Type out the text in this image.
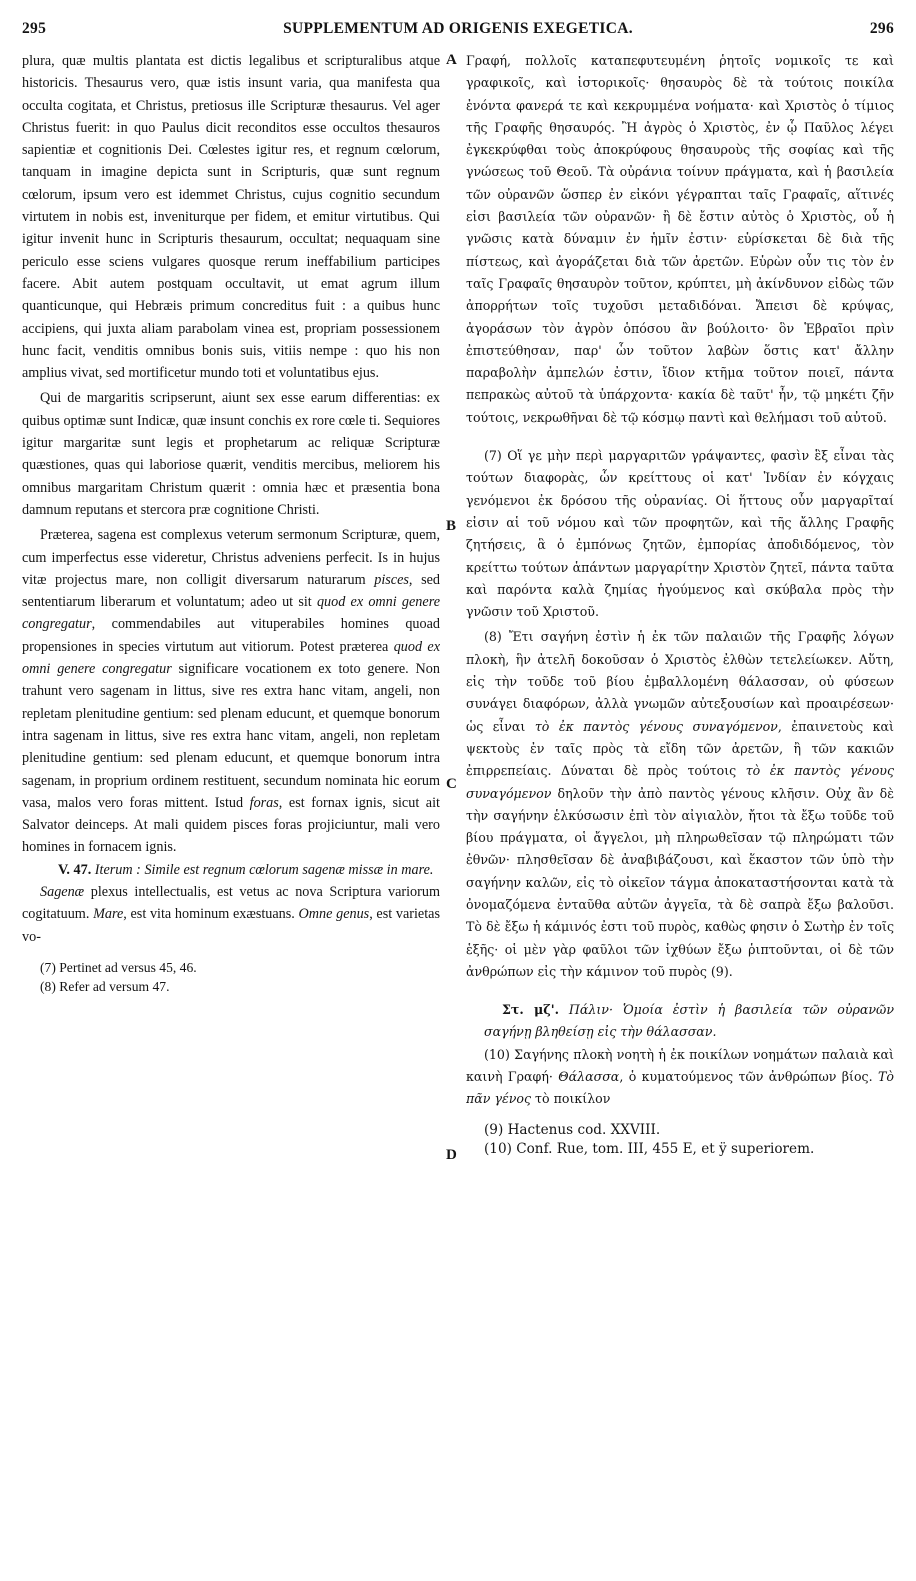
295	SUPPLEMENTUM AD ORIGENIS EXEGETICA.	296
A
B
C
D

plura, quæ multis plantata est dictis legalibus et scripturalibus atque historicis. Thesaurus vero, quæ istis insunt varia, qua manifesta qua occulta cogitata, et Christus, pretiosus ille Scripturæ thesaurus. Vel ager Christus fuerit: in quo Paulus dicit reconditos esse occultos thesauros sapientiæ et cognitionis Dei. Cœlestes igitur res, et regnum cœlorum, tanquam in imagine depicta sunt in Scripturis, quæ sunt regnum cœlorum, ipsum vero est idemmet Christus, cujus cognitio secundum virtutem in nobis est, inveniturque per fidem, et emitur virtutibus. Qui igitur invenit hunc in Scripturis thesaurum, occultat; nequaquam sine periculo esse sciens vulgares quosque rerum ineffabilium participes facere. Abit autem postquam occultavit, ut emat agrum illum quanticunque, qui Hebræis primum concreditus fuit : a quibus hunc accipiens, qui juxta aliam parabolam vinea est, propriam possessionem hunc facit, venditis omnibus bonis suis, vitiis nempe : quo his non amplius vivat, sed mortificetur mundo toti et voluntatibus ejus.

Qui de margaritis scripserunt, aiunt sex esse earum differentias: ex quibus optimæ sunt Indicæ, quæ insunt conchis ex rore cœle ti. Sequiores igitur margaritæ sunt legis et prophetarum ac reliquæ Scripturæ quæstiones, quas qui laboriose quærit, venditis mercibus, meliorem his omnibus margaritam Christum quærit : omnia hæc et præsentia bona damnum reputans et stercora præ cognitione Christi.

Præterea, sagena est complexus veterum sermonum Scripturæ, quem, cum imperfectus esse videretur, Christus adveniens perfecit. Is in hujus vitæ projectus mare, non colligit diversarum naturarum pisces, sed sententiarum liberarum et voluntatum; adeo ut sit quod ex omni genere congregatur, commendabiles aut vituperabiles homines quoad propensiones in species virtutum aut vitiorum. Potest præterea quod ex omni genere congregatur significare vocationem ex toto genere. Non trahunt vero sagenam in littus, sive res extra hanc vitam, angeli, non repletam plenitudine gentium: sed plenam educunt, et quemque bonorum intra sagenam in littus, sive res extra hanc vitam, angeli, non repletam plenitudine gentium: sed plenam educunt, et quemque bonorum intra sagenam, in proprium ordinem restituent, secundum nominata hic eorum vasa, malos vero foras mittent. Istud foras, est fornax ignis, sicut ait Salvator deinceps. At mali quidem pisces foras projiciuntur, mali vero homines in fornacem ignis.

V. 47. Iterum : Simile est regnum cœlorum sagenæ missæ in mare.

Sagenæ plexus intellectualis, est vetus ac nova Scriptura variorum cogitatuum. Mare, est vita hominum exæstuans. Omne genus, est varietas vo-

(7) Pertinet ad versus 45, 46.

(8) Refer ad versum 47.

Γραφή, πολλοῖς καταπεφυτευμένη ῥητοῖς νομικοῖς τε καὶ γραφικοῖς, καὶ ἱστορικοῖς· θησαυρὸς δὲ τὰ τούτοις ποικίλα ἐνόντα φανερά τε καὶ κεκρυμμένα νοήματα· καὶ Χριστὸς ὁ τίμιος τῆς Γραφῆς θησαυρός. Ἢ ἀγρὸς ὁ Χριστὸς, ἐν ᾧ Παῦλος λέγει ἐγκεκρύφθαι τοὺς ἀποκρύφους θησαυροὺς τῆς σοφίας καὶ τῆς γνώσεως τοῦ Θεοῦ. Τὰ οὐράνια τοίνυν πράγματα, καὶ ἡ βασιλεία τῶν οὐρανῶν ὥσπερ ἐν εἰκόνι γέγραπται ταῖς Γραφαῖς, αἵτινές εἰσι βασιλεία τῶν οὐρανῶν· ἢ δὲ ἔστιν αὐτὸς ὁ Χριστὸς, οὗ ἡ γνῶσις κατὰ δύναμιν ἐν ἡμῖν ἐστιν· εὑρίσκεται δὲ διὰ τῆς πίστεως, καὶ ἀγοράζεται διὰ τῶν ἀρετῶν. Εὑρὼν οὖν τις τὸν ἐν ταῖς Γραφαῖς θησαυρὸν τοῦτον, κρύπτει, μὴ ἀκίνδυνον εἰδὼς τῶν ἀπορρήτων τοῖς τυχοῦσι μεταδιδόναι. Ἄπεισι δὲ κρύψας, ἀγοράσων τὸν ἀγρὸν ὁπόσου ἂν βούλοιτο· ὃν Ἑβραῖοι πρὶν ἐπιστεύθησαν, παρ' ὧν τοῦτον λαβὼν ὅστις κατ' ἄλλην παραβολὴν ἀμπελών ἐστιν, ἴδιον κτῆμα τοῦτον ποιεῖ, πάντα πεπρακὼς αὐτοῦ τὰ ὑπάρχοντα· κακία δὲ ταῦτ' ἦν, τῷ μηκέτι ζῆν τούτοις, νεκρωθῆναι δὲ τῷ κόσμῳ παντὶ καὶ θελήμασι τοῦ αὐτοῦ.

(7) Οἵ γε μὴν περὶ μαργαριτῶν γράψαντες, φασὶν ἓξ εἶναι τὰς τούτων διαφορὰς, ὧν κρείττους οἱ κατ' Ἰνδίαν ἐν κόγχαις γενόμενοι ἐκ δρόσου τῆς οὐρανίας. Οἱ ἥττους οὖν μαργαρῖταί εἰσιν αἱ τοῦ νόμου καὶ τῶν προφητῶν, καὶ τῆς ἄλλης Γραφῆς ζητήσεις, ἃ ὁ ἐμπόνως ζητῶν, ἐμπορίας ἀποδιδόμενος, τὸν κρείττω τούτων ἁπάντων μαργαρίτην Χριστὸν ζητεῖ, πάντα ταῦτα καὶ παρόντα καλὰ ζημίας ἡγούμενος καὶ σκύβαλα πρὸς τὴν γνῶσιν τοῦ Χριστοῦ.

(8) Ἔτι σαγήνη ἐστὶν ἡ ἐκ τῶν παλαιῶν τῆς Γραφῆς λόγων πλοκὴ, ἣν ἀτελῆ δοκοῦσαν ὁ Χριστὸς ἐλθὼν τετελείωκεν. Αὕτη, εἰς τὴν τοῦδε τοῦ βίου ἐμβαλλομένη θάλασσαν, οὐ φύσεων συνάγει διαφόρων, ἀλλὰ γνωμῶν αὐτεξουσίων καὶ προαιρέσεων· ὡς εἶναι τὸ ἐκ παντὸς γένους συναγόμενον, ἐπαινετοὺς καὶ ψεκτοὺς ἐν ταῖς πρὸς τὰ εἴδη τῶν ἀρετῶν, ἢ τῶν κακιῶν ἐπιρρεπείαις. Δύναται δὲ πρὸς τούτοις τὸ ἐκ παντὸς γένους συναγόμενον δηλοῦν τὴν ἀπὸ παντὸς γένους κλῆσιν. Οὐχ ἂν δὲ τὴν σαγήνην ἑλκύσωσιν ἐπὶ τὸν αἰγιαλὸν, ἤτοι τὰ ἔξω τοῦδε τοῦ βίου πράγματα, οἱ ἄγγελοι, μὴ πληρωθεῖσαν τῷ πληρώματι τῶν ἐθνῶν· πλησθεῖσαν δὲ ἀναβιβάζουσι, καὶ ἕκαστον τῶν ὑπὸ τὴν σαγήνην καλῶν, εἰς τὸ οἰκεῖον τάγμα ἀποκαταστήσονται κατὰ τὰ ὀνομαζόμενα ἐνταῦθα αὐτῶν ἀγγεῖα, τὰ δὲ σαπρὰ ἔξω βαλοῦσι. Τὸ δὲ ἔξω ἡ κάμινός ἐστι τοῦ πυρὸς, καθὼς φησιν ὁ Σωτὴρ ἐν τοῖς ἑξῆς· οἱ μὲν γὰρ φαῦλοι τῶν ἰχθύων ἔξω ῥιπτοῦνται, οἱ δὲ τῶν ἀνθρώπων εἰς τὴν κάμινον τοῦ πυρὸς (9).

Στ. μζ'. Πάλιν· Ὁμοία ἐστὶν ἡ βασιλεία τῶν οὐρανῶν σαγήνῃ βληθείσῃ εἰς τὴν θάλασσαν.

(10) Σαγήνης πλοκὴ νοητὴ ἡ ἐκ ποικίλων νοημάτων παλαιὰ καὶ καινὴ Γραφή· Θάλασσα, ὁ κυματούμενος τῶν ἀνθρώπων βίος. Τὸ πᾶν γένος τὸ ποικίλον

(9) Hactenus cod. XXVIII.

(10) Conf. Rue, tom. III, 455 E, et ÿ superiorem.
